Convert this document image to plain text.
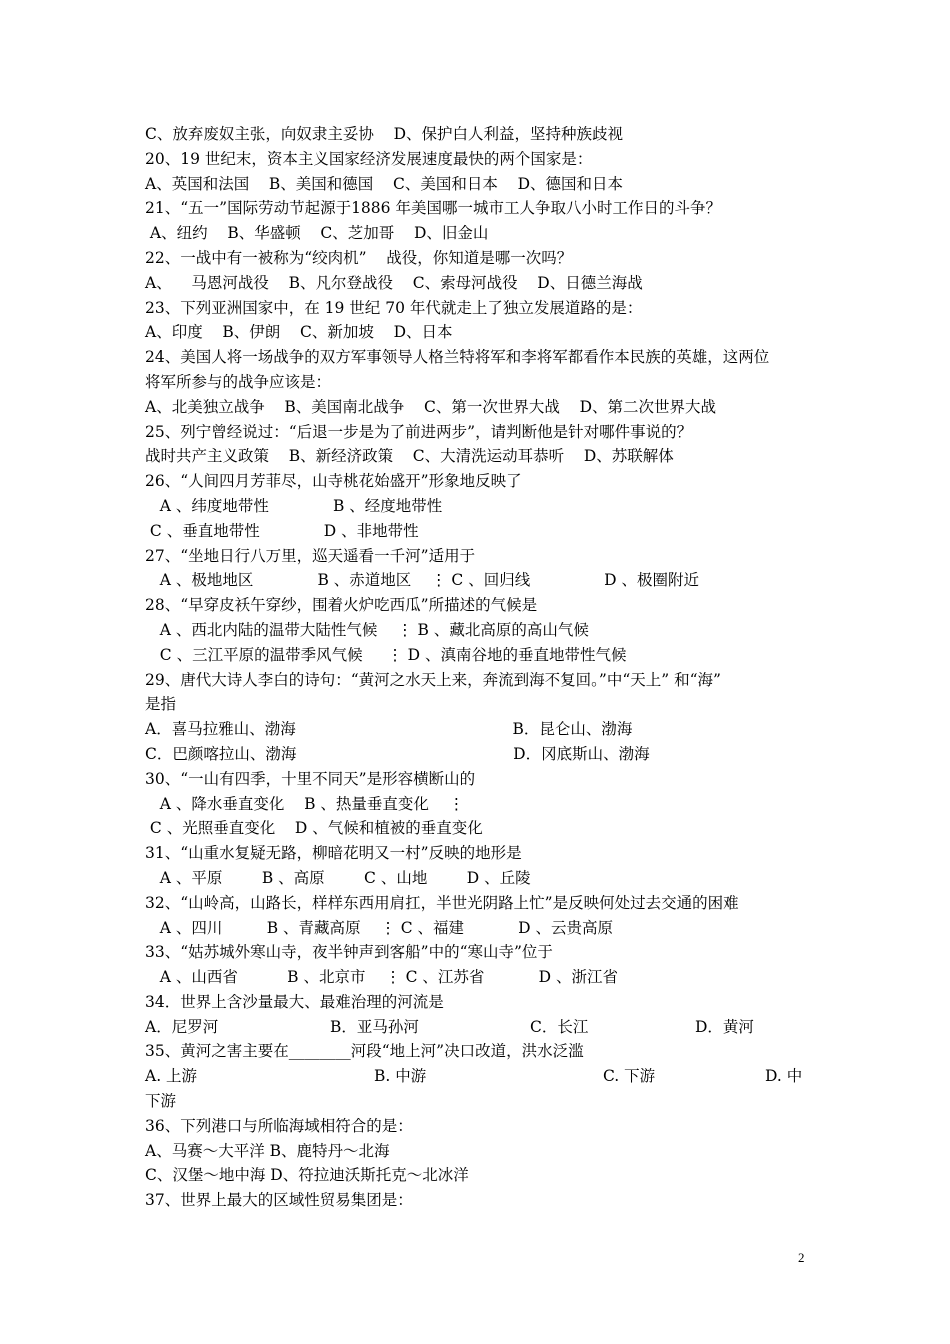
C、放弃废奴主张，向奴隶主妥协    D、保护白人利益，坚持种族歧视
20、19 世纪末，资本主义国家经济发展速度最快的两个国家是：
A、英国和法国    B、美国和德国    C、美国和日本    D、德国和日本
21、“五一”国际劳动节起源于1886 年美国哪一城市工人争取八小时工作日的斗争？
A、纽约    B、华盛顿    C、芝加哥    D、旧金山
22、一战中有一被称为“绞肉机”    战役，你知道是哪一次吗？
A、    马恩河战役    B、凡尔登战役    C、索母河战役    D、日德兰海战
23、下列亚洲国家中，在 19 世纪 70 年代就走上了独立发展道路的是：
A、印度    B、伊朗    C、新加坡    D、日本
24、美国人将一场战争的双方军事领导人格兰特将军和李将军都看作本民族的英雄，这两位
将军所参与的战争应该是：
A、北美独立战争    B、美国南北战争    C、第一次世界大战    D、第二次世界大战
25、列宁曾经说过：“后退一步是为了前进两步”，请判断他是针对哪件事说的？
战时共产主义政策    B、新经济政策    C、大清洗运动耳恭听    D、苏联解体
26、“人间四月芳菲尽，山寺桃花始盛开”形象地反映了
A 、纬度地带性             B 、经度地带性
C 、垂直地带性             D 、非地带性
27、“坐地日行八万里，巡天遥看一千河”适用于
A 、极地地区             B 、赤道地区    ⋮ C 、回归线               D 、极圈附近
28、“早穿皮袄午穿纱，围着火炉吃西瓜”所描述的气候是
A 、西北内陆的温带大陆性气候    ⋮ B 、藏北高原的高山气候
C 、三江平原的温带季风气候     ⋮ D 、滇南谷地的垂直地带性气候
29、唐代大诗人李白的诗句：“黄河之水天上来，奔流到海不复回。”中“天上” 和“海”
是指
A．喜马拉雅山、渤海                                            B．昆仑山、渤海
C．巴颜喀拉山、渤海                                            D．冈底斯山、渤海
30、“一山有四季，十里不同天”是形容横断山的
A 、降水垂直变化    B 、热量垂直变化    ⋮
C 、光照垂直变化    D 、气候和植被的垂直变化
31、“山重水复疑无路，柳暗花明又一村”反映的地形是
A 、平原        B 、高原        C 、山地        D 、丘陵
32、“山岭高，山路长，样样东西用肩扛，半世光阴路上忙”是反映何处过去交通的困难
A 、四川         B 、青藏高原    ⋮ C 、福建           D 、云贵高原
33、“姑苏城外寒山寺，夜半钟声到客船”中的“寒山寺”位于
A 、山西省          B 、北京市    ⋮ C 、江苏省           D 、浙江省
34．世界上含沙量最大、最难治理的河流是
A．尼罗河	B．亚马孙河	C．长江	D．黄河
35、黄河之害主要在________河段“地上河”决口改道，洪水泛滥
A. 上游	B. 中游	C. 下游	D. 中
下游
36、下列港口与所临海域相符合的是：
A、马赛～大平洋 B、鹿特丹～北海
C、汉堡～地中海 D、符拉迪沃斯托克～北冰洋
37、世界上最大的区域性贸易集团是：
2
